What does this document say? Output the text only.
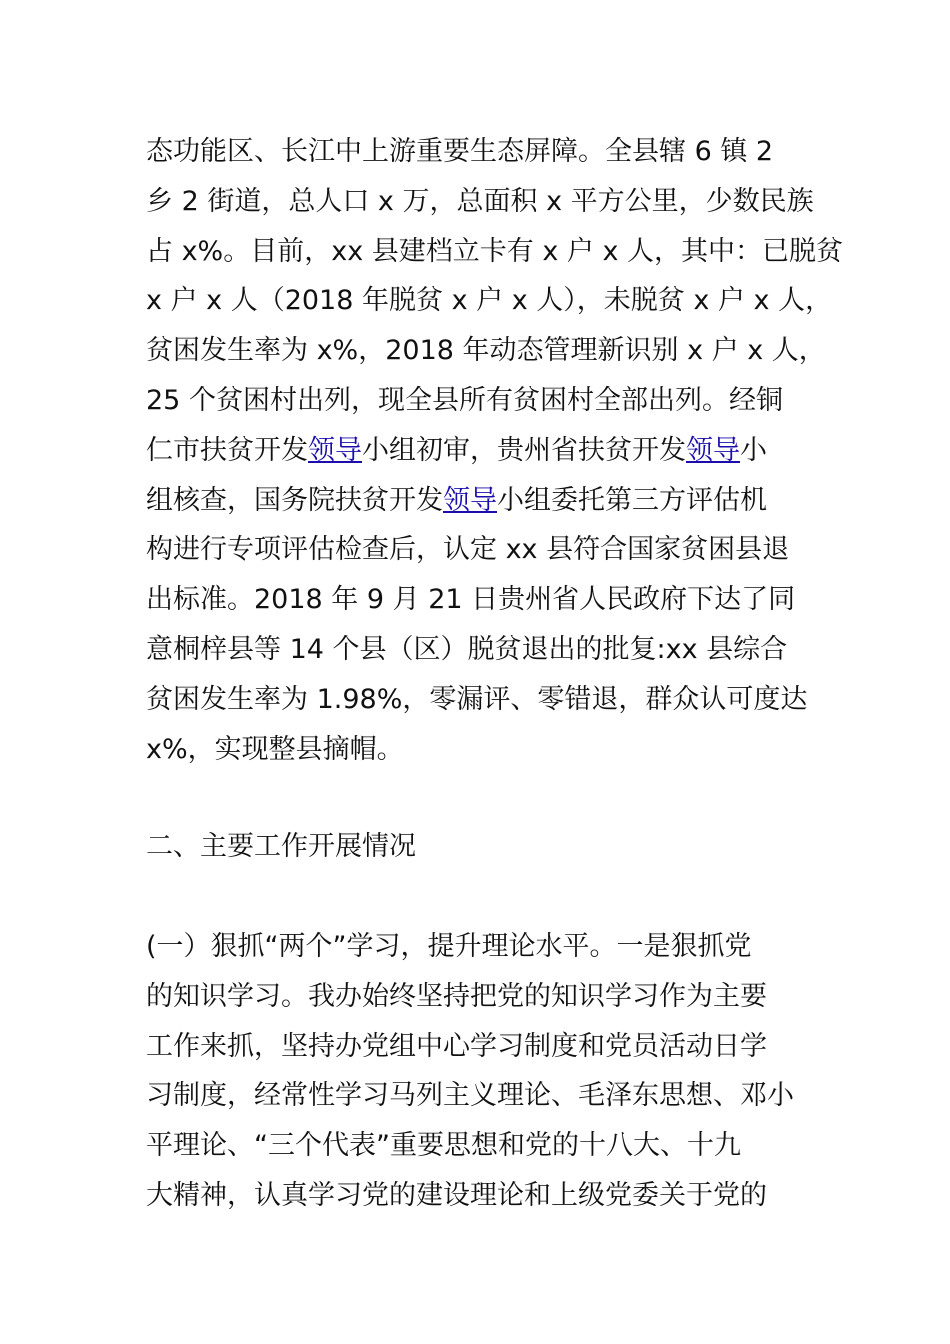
态功能区、长江中上游重要生态屏障。全县辖 6 镇 2
乡 2 街道，总人口 x 万，总面积 x 平方公里，少数民族
占 x%。目前，xx 县建档立卡有 x 户 x 人，其中：已脱贫
x 户 x 人（2018 年脱贫 x 户 x 人），未脱贫 x 户 x 人，
贫困发生率为 x%，2018 年动态管理新识别 x 户 x 人，
25 个贫困村出列，现全县所有贫困村全部出列。经铜
仁市扶贫开发领导小组初审，贵州省扶贫开发领导小
组核查，国务院扶贫开发领导小组委托第三方评估机
构进行专项评估检查后，认定 xx 县符合国家贫困县退
出标准。2018 年 9 月 21 日贵州省人民政府下达了同
意桐梓县等 14 个县（区）脱贫退出的批复:xx 县综合
贫困发生率为 1.98%，零漏评、零错退，群众认可度达
x%，实现整县摘帽。
二、主要工作开展情况
(一）狠抓“两个”学习，提升理论水平。一是狠抓党
的知识学习。我办始终坚持把党的知识学习作为主要
工作来抓，坚持办党组中心学习制度和党员活动日学
习制度，经常性学习马列主义理论、毛泽东思想、邓小
平理论、“三个代表”重要思想和党的十八大、十九
大精神，认真学习党的建设理论和上级党委关于党的
